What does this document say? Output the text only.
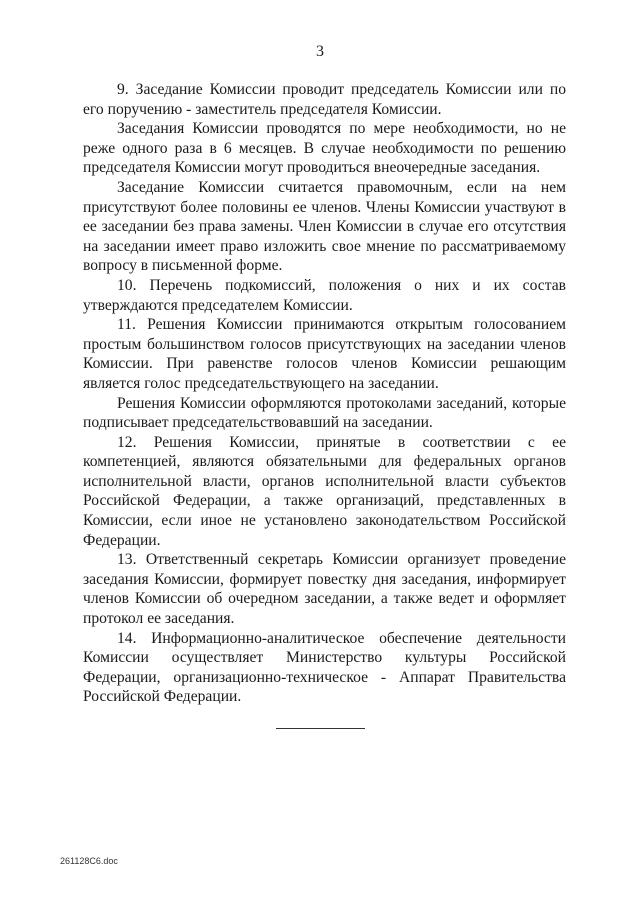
3

9. Заседание Комиссии проводит председатель Комиссии или по его поручению - заместитель председателя Комиссии.

Заседания Комиссии проводятся по мере необходимости, но не реже одного раза в 6 месяцев. В случае необходимости по решению председателя Комиссии могут проводиться внеочередные заседания.

Заседание Комиссии считается правомочным, если на нем присутствуют более половины ее членов. Члены Комиссии участвуют в ее заседании без права замены. Член Комиссии в случае его отсутствия на заседании имеет право изложить свое мнение по рассматриваемому вопросу в письменной форме.

10. Перечень подкомиссий, положения о них и их состав утверждаются председателем Комиссии.

11. Решения Комиссии принимаются открытым голосованием простым большинством голосов присутствующих на заседании членов Комиссии. При равенстве голосов членов Комиссии решающим является голос председательствующего на заседании.

Решения Комиссии оформляются протоколами заседаний, которые подписывает председательствовавший на заседании.

12. Решения Комиссии, принятые в соответствии с ее компетенцией, являются обязательными для федеральных органов исполнительной власти, органов исполнительной власти субъектов Российской Федерации, а также организаций, представленных в Комиссии, если иное не установлено законодательством Российской Федерации.

13. Ответственный секретарь Комиссии организует проведение заседания Комиссии, формирует повестку дня заседания, информирует членов Комиссии об очередном заседании, а также ведет и оформляет протокол ее заседания.

14. Информационно-аналитическое обеспечение деятельности Комиссии осуществляет Министерство культуры Российской Федерации, организационно-техническое - Аппарат Правительства Российской Федерации.

261128С6.doc
